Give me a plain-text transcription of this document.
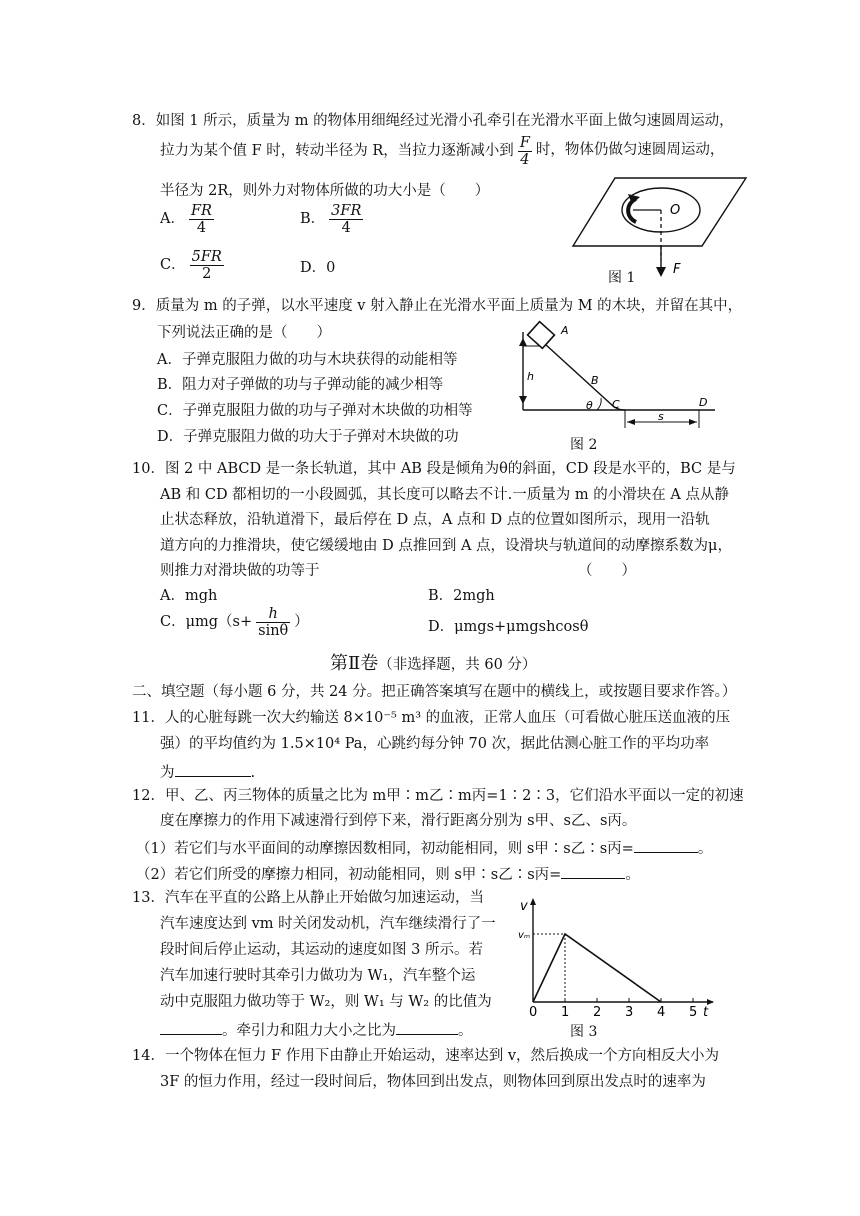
8．如图 1 所示，质量为 m 的物体用细绳经过光滑小孔牵引在光滑水平面上做匀速圆周运动，
拉力为某个值 F 时，转动半径为 R，当拉力逐渐减小到 $\frac{F}{4}$ 时，物体仍做匀速圆周运动，
半径为 2R，则外力对物体所做的功大小是（　　）
A． $\frac{FR}{4}$	B． $\frac{3FR}{4}$
C． $\frac{5FR}{2}$	D．0
O
F
图 1
9．质量为 m 的子弹，以水平速度 v 射入静止在光滑水平面上质量为 M 的木块，并留在其中，
下列说法正确的是（　　）
A．子弹克服阻力做的功与木块获得的动能相等
B．阻力对子弹做的功与子弹动能的减少相等
C．子弹克服阻力做的功与子弹对木块做的功相等
D．子弹克服阻力做的功大于子弹对木块做的功
A
B
C	D
h
θ
s
图 2
10．图 2 中 ABCD 是一条长轨道，其中 AB 段是倾角为θ的斜面，CD 段是水平的，BC 是与
AB 和 CD 都相切的一小段圆弧，其长度可以略去不计.一质量为 m 的小滑块在 A 点从静
止状态释放，沿轨道滑下，最后停在 D 点，A 点和 D 点的位置如图所示，现用一沿轨
道方向的力推滑块，使它缓缓地由 D 点推回到 A 点，设滑块与轨道间的动摩擦系数为μ，
则推力对滑块做的功等于	（　　）
A．mgh	B．2mgh
C．$\mu mg(s+ \frac{h}{\sin\theta}$ ）	D．μmgs+μmgshcosθ
第Ⅱ卷（非选择题，共 60 分）
二、填空题（每小题 6 分，共 24 分。把正确答案填写在题中的横线上，或按题目要求作答。）
11．人的心脏每跳一次大约输送 8×10⁻⁵ m³ 的血液，正常人血压（可看做心脏压送血液的压
强）的平均值约为 1.5×10⁴ Pa，心跳约每分钟 70 次，据此估测心脏工作的平均功率
为	.
12．甲、乙、丙三物体的质量之比为 m甲∶m乙∶m丙=1∶2∶3，它们沿水平面以一定的初速
度在摩擦力的作用下减速滑行到停下来，滑行距离分别为 s甲、s乙、s丙。
（1）若它们与水平面间的动摩擦因数相同，初动能相同，则 s甲∶s乙∶s丙=	。
（2）若它们所受的摩擦力相同，初动能相同，则 s甲∶s乙∶s丙=	。
13．汽车在平直的公路上从静止开始做匀加速运动，当
汽车速度达到 vm 时关闭发动机，汽车继续滑行了一
段时间后停止运动，其运动的速度如图 3 所示。若
汽车加速行驶时其牵引力做功为 W₁，汽车整个运
动中克服阻力做功等于 W₂，则 W₁ 与 W₂ 的比值为
。牵引力和阻力大小之比为	。
0 1 2 3 4 5
v
vₘ
t
图 3
14．一个物体在恒力 F 作用下由静止开始运动，速率达到 v，然后换成一个方向相反大小为
3F 的恒力作用，经过一段时间后，物体回到出发点，则物体回到原出发点时的速率为
